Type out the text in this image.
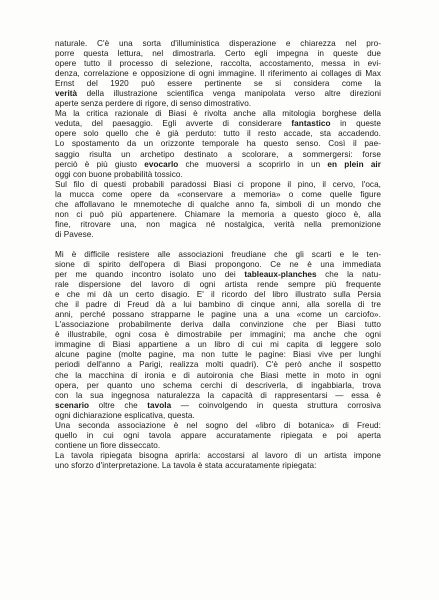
naturale. C'è una sorta d'illuministica disperazione e chiarezza nel pro-
porre questa lettura, nel dimostrarla. Certo egli impegna in queste due
opere tutto il processo di selezione, raccolta, accostamento, messa in evi-
denza, correlazione e opposizione di ogni immagine. Il riferimento ai collages di Max Ernst del 1920 può essere pertinente se si considera come la
verità della illustrazione scientifica venga manipolata verso altre direzioni
aperte senza perdere di rigore, di senso dimostrativo.
Ma la critica razionale di Biasi è rivolta anche alla mitologia borghese della
veduta, del paesaggio. Egli avverte di considerare fantastico in queste
opere solo quello che è già perduto: tutto il resto accade, sta accadendo.
Lo spostamento da un orizzonte temporale ha questo senso. Così il pae-
saggio risulta un archetipo destinato a scolorare, a sommergersi: forse
perciò è più giusto evocarlo che muoversi a scoprirlo in un en plein air
oggi con buone probabilità tossico.
Sul filo di questi probabili paradossi Biasi ci propone il pino, il cervo, l'oca,
la mucca come opere da «conservare a memoria» o come quelle figure
che affollavano le mnemoteche di qualche anno fa, simboli di un mondo che
non ci può più appartenere. Chiamare la memoria a questo gioco è, alla
fine, ritrovare una, non magica né nostalgica, verità nella premonizione
di Pavese.
Mi è difficile resistere alle associazioni freudiane che gli scarti e le ten-
sione di spirito dell'opera di Biasi propongono. Ce ne è una immediata
per me quando incontro isolato uno dei tableaux-planches che la natu-
rale dispersione del lavoro di ogni artista rende sempre più frequente
e che mi dà un certo disagio. E' il ricordo del libro illustrato sulla Persia
che il padre di Freud dà a lui bambino di cinque anni, alla sorella di tre
anni, perché possano strapparne le pagine una a una «come un carciofo».
L'associazione probabilmente deriva dalla convinzione che per Biasi tutto
è illustrabile, ogni cosa è dimostrabile per immagini; ma anche che ogni
immagine di Biasi appartiene a un libro di cui mi capita di leggere solo
alcune pagine (molte pagine, ma non tutte le pagine: Biasi vive per lunghi
periodi dell'anno a Parigi, realizza molti quadri). C'è però anche il sospetto
che la macchina di ironia e di autoironia che Biasi mette in moto in ogni
opera, per quanto uno schema cerchi di descriverla, di ingabbiarla, trova
con la sua ingegnosa naturalezza la capacità di rappresentarsi — essa è
scenario oltre che tavola — coinvolgendo in questa struttura corrosiva
ogni dichiarazione esplicativa, questa.
Una seconda associazione è nel sogno del «libro di botanica» di Freud:
quello in cui ogni tavola appare accuratamente ripiegata e poi aperta
contiene un fiore disseccato.
La tavola ripiegata bisogna aprirla: accostarsi al lavoro di un artista impone
uno sforzo d'interpretazione. La tavola è stata accuratamente ripiegata:
